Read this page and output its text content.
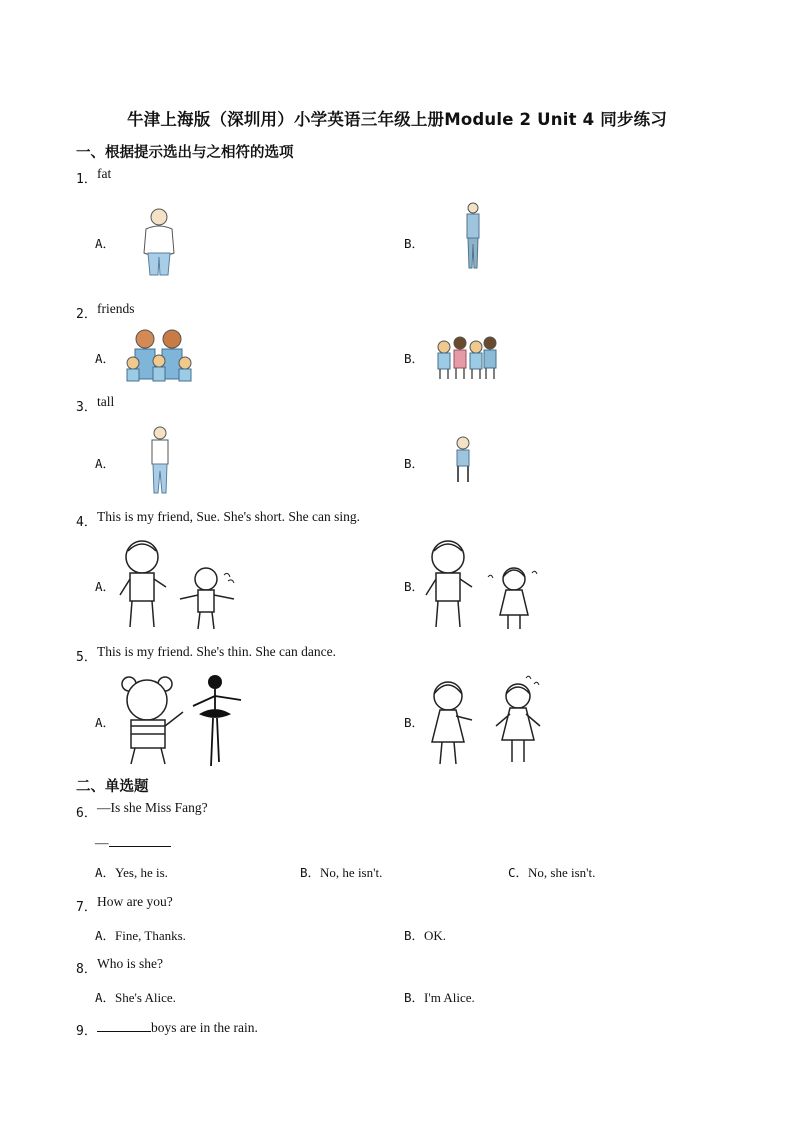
牛津上海版（深圳用）小学英语三年级上册Module 2 Unit 4 同步练习
一、根据提示选出与之相符的选项
1． fat
A．	B．
2． friends
A．	B．
3． tall
A．	B．
4． This is my friend, Sue. She's short. She can sing.
A．	B．
5． This is my friend. She's thin. She can dance.
A．	B．
二、单选题
6． —Is she Miss Fang?
—
A．Yes, he is.	B．No, he isn't.	C．No, she isn't.
7． How are you?
A．Fine, Thanks.	B．OK.
8． Who is she?
A．She's Alice.	B．I'm Alice.
9．	boys are in the rain.
